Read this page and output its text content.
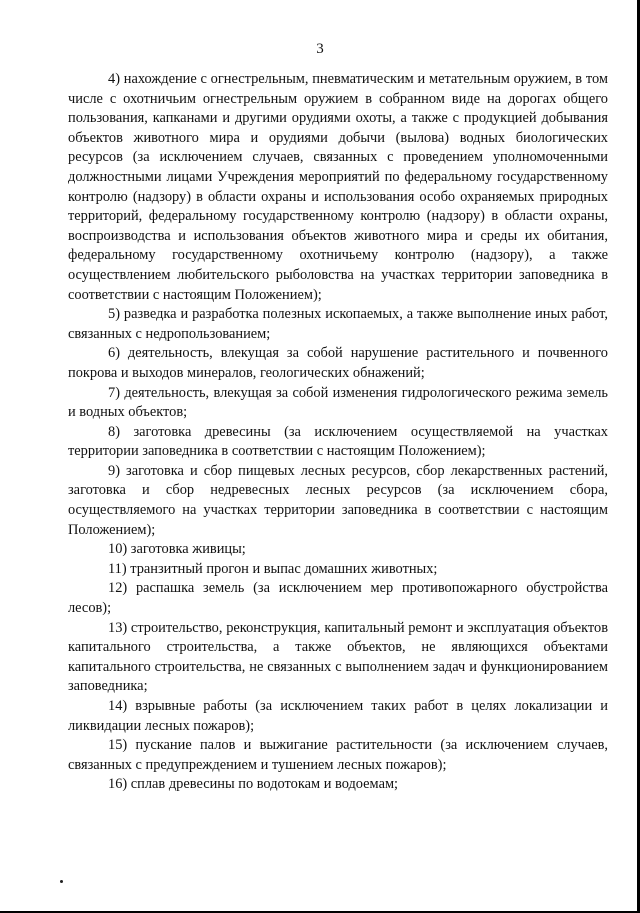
3

4) нахождение с огнестрельным, пневматическим и метательным оружием, в том числе с охотничьим огнестрельным оружием в собранном виде на дорогах общего пользования, капканами и другими орудиями охоты, а также с продукцией добывания объектов животного мира и орудиями добычи (вылова) водных биологических ресурсов (за исключением случаев, связанных с проведением уполномоченными должностными лицами Учреждения мероприятий по федеральному государственному контролю (надзору) в области охраны и использования особо охраняемых природных территорий, федеральному государственному контролю (надзору) в области охраны, воспроизводства и использования объектов животного мира и среды их обитания, федеральному государственному охотничьему контролю (надзору), а также осуществлением любительского рыболовства на участках территории заповедника в соответствии с настоящим Положением);

5) разведка и разработка полезных ископаемых, а также выполнение иных работ, связанных с недропользованием;

6) деятельность, влекущая за собой нарушение растительного и почвенного покрова и выходов минералов, геологических обнажений;

7) деятельность, влекущая за собой изменения гидрологического режима земель и водных объектов;

8) заготовка древесины (за исключением осуществляемой на участках территории заповедника в соответствии с настоящим Положением);

9) заготовка и сбор пищевых лесных ресурсов, сбор лекарственных растений, заготовка и сбор недревесных лесных ресурсов (за исключением сбора, осуществляемого на участках территории заповедника в соответствии с настоящим Положением);

10) заготовка живицы;

11) транзитный прогон и выпас домашних животных;

12) распашка земель (за исключением мер противопожарного обустройства лесов);

13) строительство, реконструкция, капитальный ремонт и эксплуатация объектов капитального строительства, а также объектов, не являющихся объектами капитального строительства, не связанных с выполнением задач и функционированием заповедника;

14) взрывные работы (за исключением таких работ в целях локализации и ликвидации лесных пожаров);

15) пускание палов и выжигание растительности (за исключением случаев, связанных с предупреждением и тушением лесных пожаров);

16) сплав древесины по водотокам и водоемам;
